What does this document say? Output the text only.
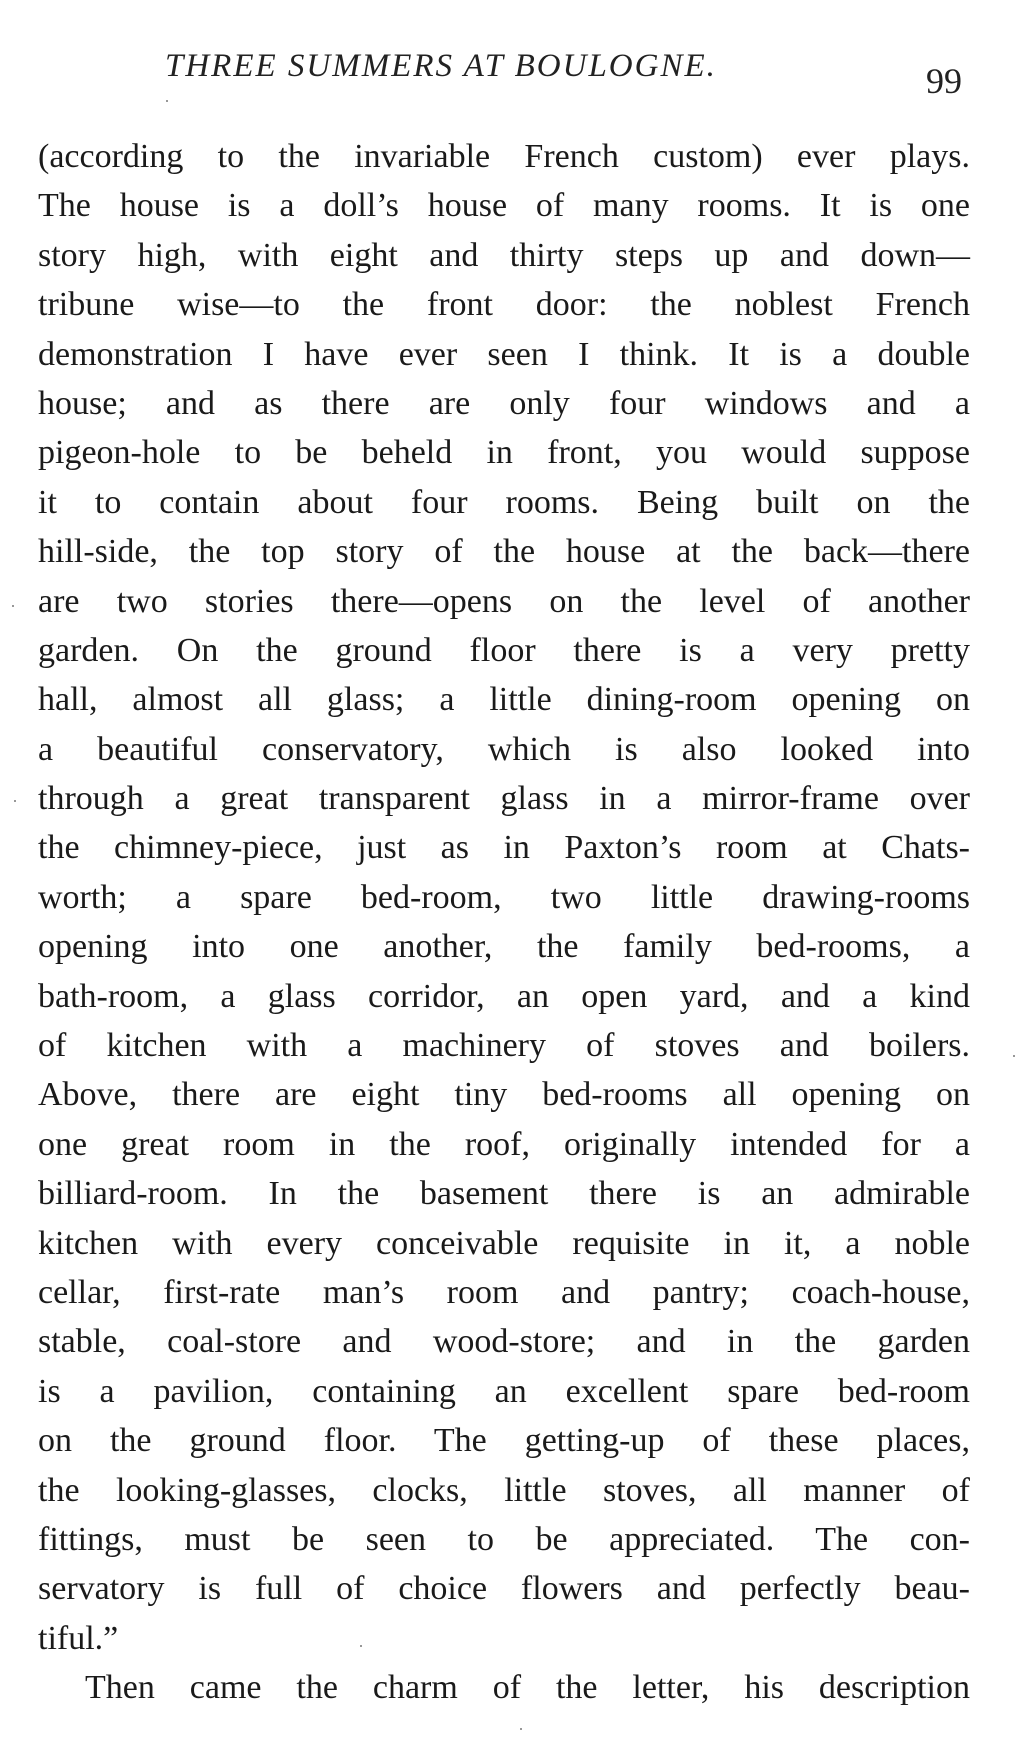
THREE SUMMERS AT BOULOGNE.	99
(according to the invariable French custom) ever plays.
The house is a doll’s house of many rooms. It is one
story high, with eight and thirty steps up and down—
tribune wise—to the front door: the noblest French
demonstration I have ever seen I think. It is a double
house; and as there are only four windows and a
pigeon-hole to be beheld in front, you would suppose
it to contain about four rooms. Being built on the
hill-side, the top story of the house at the back—there
are two stories there—opens on the level of another
garden. On the ground floor there is a very pretty
hall, almost all glass; a little dining-room opening on
a beautiful conservatory, which is also looked into
through a great transparent glass in a mirror-frame over
the chimney-piece, just as in Paxton’s room at Chats-
worth; a spare bed-room, two little drawing-rooms
opening into one another, the family bed-rooms, a
bath-room, a glass corridor, an open yard, and a kind
of kitchen with a machinery of stoves and boilers.
Above, there are eight tiny bed-rooms all opening on
one great room in the roof, originally intended for a
billiard-room. In the basement there is an admirable
kitchen with every conceivable requisite in it, a noble
cellar, first-rate man’s room and pantry; coach-house,
stable, coal-store and wood-store; and in the garden
is a pavilion, containing an excellent spare bed-room
on the ground floor. The getting-up of these places,
the looking-glasses, clocks, little stoves, all manner of
fittings, must be seen to be appreciated. The con-
servatory is full of choice flowers and perfectly beau-
tiful.”
Then came the charm of the letter, his description
